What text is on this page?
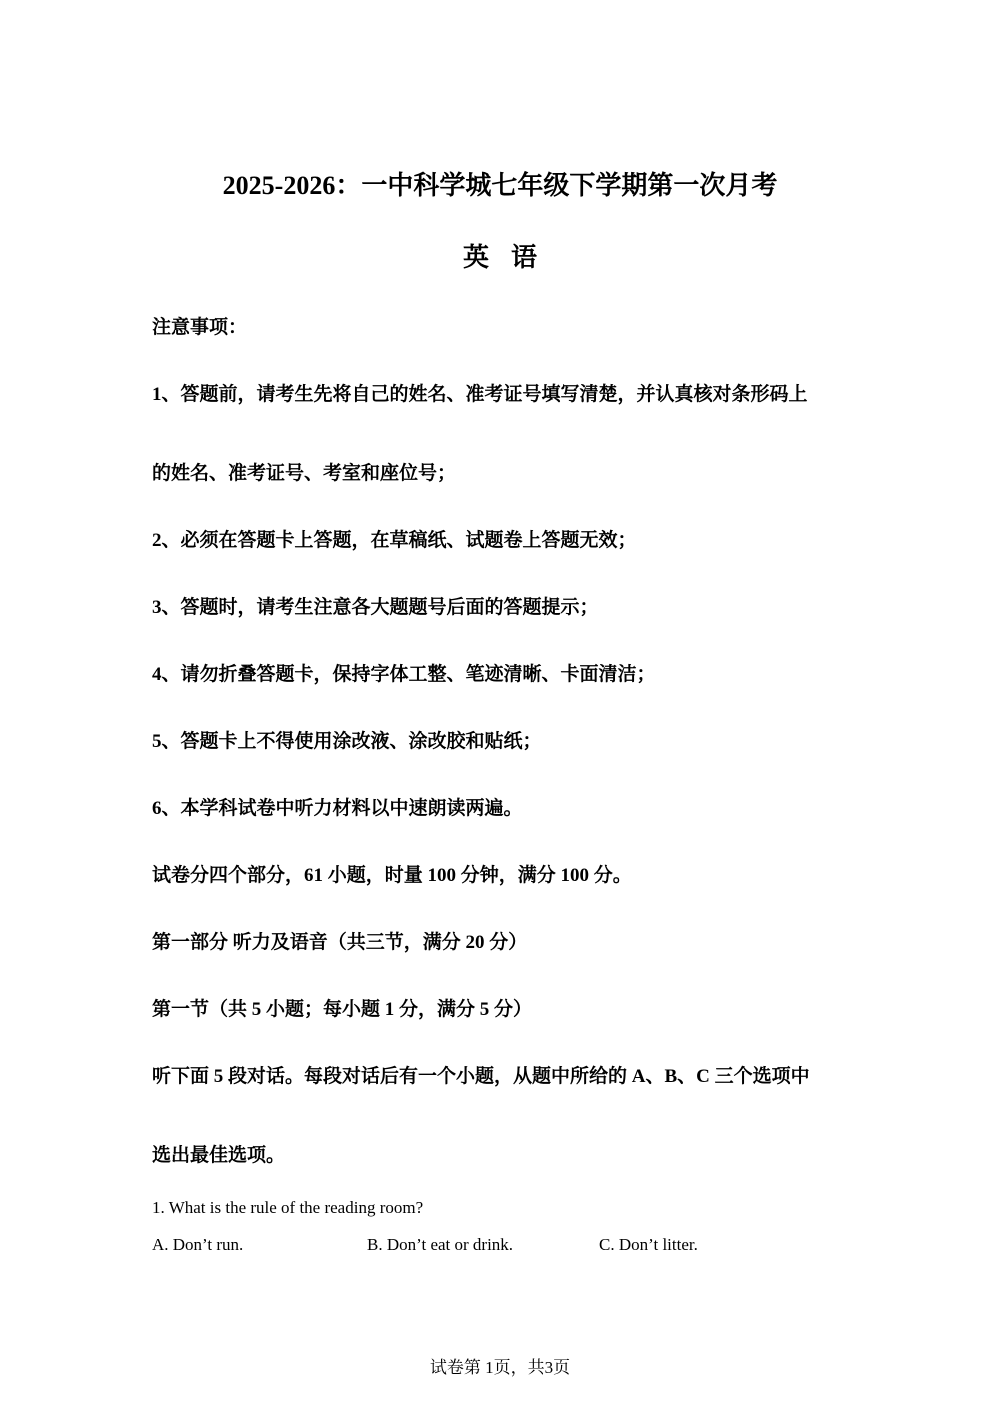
2025-2026：一中科学城七年级下学期第一次月考
英语
注意事项：
1、答题前，请考生先将自己的姓名、准考证号填写清楚，并认真核对条形码上
的姓名、准考证号、考室和座位号；
2、必须在答题卡上答题，在草稿纸、试题卷上答题无效；
3、答题时，请考生注意各大题题号后面的答题提示；
4、请勿折叠答题卡，保持字体工整、笔迹清晰、卡面清洁；
5、答题卡上不得使用涂改液、涂改胶和贴纸；
6、本学科试卷中听力材料以中速朗读两遍。
试卷分四个部分，61 小题，时量 100 分钟，满分 100 分。
第一部分 听力及语音（共三节，满分 20 分）
第一节（共 5 小题；每小题 1 分，满分 5 分）
听下面 5 段对话。每段对话后有一个小题，从题中所给的 A、B、C 三个选项中
选出最佳选项。
1. What is the rule of the reading room?
A. Don’t run.	B. Don’t eat or drink.	C. Don’t litter.
试卷第 1页，共3页
